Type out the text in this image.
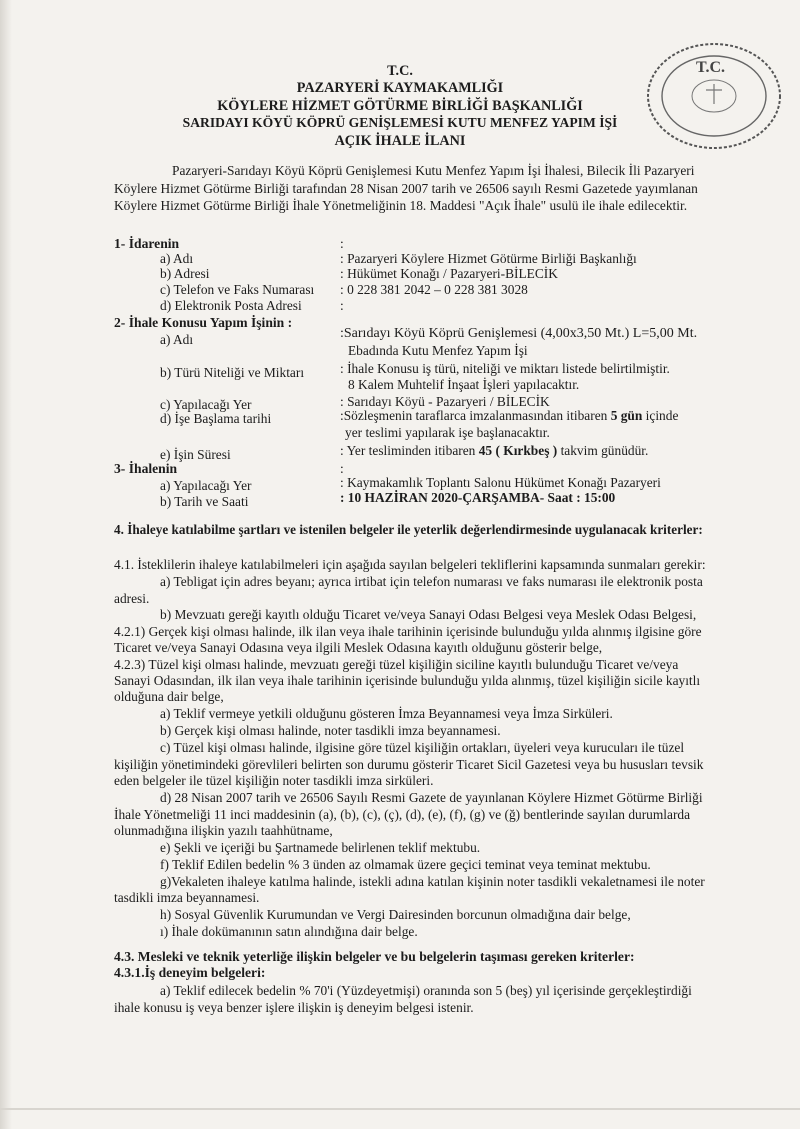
T.C.
T.C.
PAZARYERİ KAYMAKAMLIĞI
KÖYLERE HİZMET GÖTÜRME BİRLİĞİ BAŞKANLIĞI
SARIDAYI KÖYÜ KÖPRÜ GENİŞLEMESİ KUTU MENFEZ YAPIM İŞİ
AÇIK İHALE İLANI
Pazaryeri-Sarıdayı Köyü Köprü Genişlemesi Kutu Menfez Yapım İşi İhalesi, Bilecik İli Pazaryeri
Köylere Hizmet Götürme Birliği tarafından 28 Nisan 2007 tarih ve 26506 sayılı Resmi Gazetede yayımlanan
Köylere Hizmet Götürme Birliği İhale Yönetmeliğinin 18. Maddesi "Açık İhale" usulü ile ihale edilecektir.
1- İdarenin	:
a) Adı	: Pazaryeri Köylere Hizmet Götürme Birliği Başkanlığı
b) Adresi	: Hükümet Konağı / Pazaryeri-BİLECİK
c) Telefon ve Faks Numarası : 0 228 381 2042 – 0 228 381 3028
d) Elektronik Posta Adresi	:
2- İhale Konusu Yapım İşinin :
a) Adı	:Sarıdayı Köyü Köprü Genişlemesi (4,00x3,50 Mt.) L=5,00 Mt.
Ebadında Kutu Menfez Yapım İşi
b) Türü Niteliği ve Miktarı	: İhale Konusu iş türü, niteliği ve miktarı listede belirtilmiştir.
8 Kalem Muhtelif İnşaat İşleri yapılacaktır.
c) Yapılacağı Yer	: Sarıdayı Köyü - Pazaryeri / BİLECİK
d) İşe Başlama tarihi	:Sözleşmenin taraflarca imzalanmasından itibaren 5 gün içinde
yer teslimi yapılarak işe başlanacaktır.
e) İşin Süresi	: Yer tesliminden itibaren 45 ( Kırkbeş ) takvim günüdür.
3- İhalenin	:
a) Yapılacağı Yer	: Kaymakamlık Toplantı Salonu Hükümet Konağı Pazaryeri
b) Tarih ve Saati	: 10 HAZİRAN 2020-ÇARŞAMBA- Saat : 15:00
4. İhaleye katılabilme şartları ve istenilen belgeler ile yeterlik değerlendirmesinde uygulanacak kriterler:
4.1. İsteklilerin ihaleye katılabilmeleri için aşağıda sayılan belgeleri tekliflerini kapsamında sunmaları gerekir:
a) Tebligat için adres beyanı; ayrıca irtibat için telefon numarası ve faks numarası ile elektronik posta
adresi.
b) Mevzuatı gereği kayıtlı olduğu Ticaret ve/veya Sanayi Odası Belgesi veya Meslek Odası Belgesi,
4.2.1) Gerçek kişi olması halinde, ilk ilan veya ihale tarihinin içerisinde bulunduğu yılda alınmış ilgisine göre
Ticaret ve/veya Sanayi Odasına veya ilgili Meslek Odasına kayıtlı olduğunu gösterir belge,
4.2.3) Tüzel kişi olması halinde, mevzuatı gereği tüzel kişiliğin siciline kayıtlı bulunduğu Ticaret ve/veya
Sanayi Odasından, ilk ilan veya ihale tarihinin içerisinde bulunduğu yılda alınmış, tüzel kişiliğin sicile kayıtlı
olduğuna dair belge,
a) Teklif vermeye yetkili olduğunu gösteren İmza Beyannamesi veya İmza Sirküleri.
b) Gerçek kişi olması halinde, noter tasdikli imza beyannamesi.
c) Tüzel kişi olması halinde, ilgisine göre tüzel kişiliğin ortakları, üyeleri veya kurucuları ile tüzel
kişiliğin yönetimindeki görevlileri belirten son durumu gösterir Ticaret Sicil Gazetesi veya bu hususları tevsik
eden belgeler ile tüzel kişiliğin noter tasdikli imza sirküleri.
d) 28 Nisan 2007 tarih ve 26506 Sayılı Resmi Gazete de yayınlanan Köylere Hizmet Götürme Birliği
İhale Yönetmeliği 11 inci maddesinin (a), (b), (c), (ç), (d), (e), (f), (g) ve (ğ) bentlerinde sayılan durumlarda
olunmadığına ilişkin yazılı taahhütname,
e) Şekli ve içeriği bu Şartnamede belirlenen teklif mektubu.
f) Teklif Edilen bedelin % 3 ünden az olmamak üzere geçici teminat veya teminat mektubu.
g)Vekaleten ihaleye katılma halinde, istekli adına katılan kişinin noter tasdikli vekaletnamesi ile noter
tasdikli imza beyannamesi.
h) Sosyal Güvenlik Kurumundan ve Vergi Dairesinden borcunun olmadığına dair belge,
ı) İhale dokümanının satın alındığına dair belge.
4.3. Mesleki ve teknik yeterliğe ilişkin belgeler ve bu belgelerin taşıması gereken kriterler:
4.3.1.İş deneyim belgeleri:
a) Teklif edilecek bedelin % 70'i (Yüzdeyetmişi) oranında son 5 (beş) yıl içerisinde gerçekleştirdiği
ihale konusu iş veya benzer işlere ilişkin iş deneyim belgesi istenir.
